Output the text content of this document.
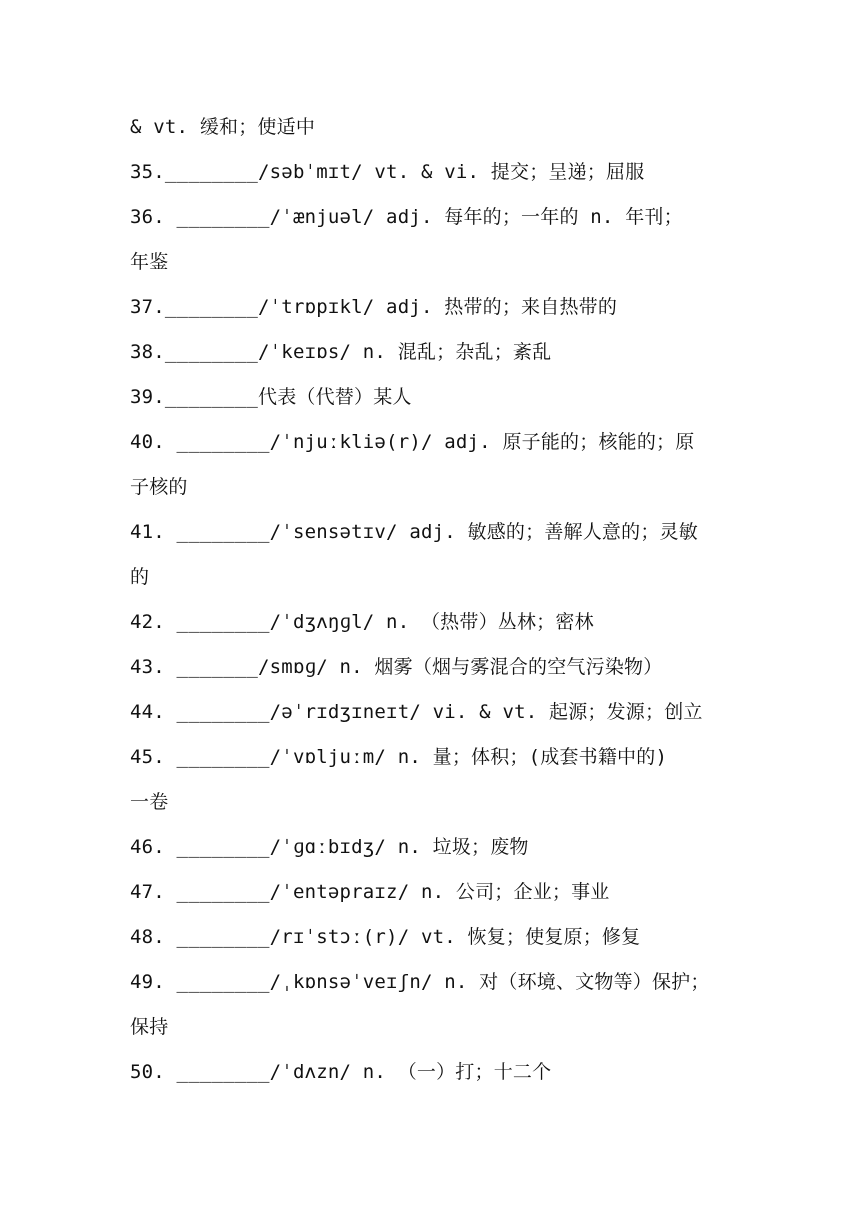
& vt. 缓和；使适中
35.________/səbˈmɪt/ vt. & vi. 提交；呈递；屈服
36. ________/ˈænjuəl/ adj. 每年的；一年的 n. 年刊；
年鉴
37.________/ˈtrɒpɪkl/ adj. 热带的；来自热带的
38.________/ˈkeɪɒs/ n. 混乱；杂乱；紊乱
39.________代表（代替）某人
40. ________/ˈnjuːkliə(r)/ adj. 原子能的；核能的；原
子核的
41. ________/ˈsensətɪv/ adj. 敏感的；善解人意的；灵敏
的
42. ________/ˈdʒʌŋɡl/ n. （热带）丛林；密林
43. _______/smɒɡ/ n. 烟雾（烟与雾混合的空气污染物）
44. ________/əˈrɪdʒɪneɪt/ vi. & vt. 起源；发源；创立
45. ________/ˈvɒljuːm/ n. 量；体积；(成套书籍中的)
一卷
46. ________/ˈɡɑːbɪdʒ/ n. 垃圾；废物
47. ________/ˈentəpraɪz/ n. 公司；企业；事业
48. ________/rɪˈstɔː(r)/ vt. 恢复；使复原；修复
49. ________/ˌkɒnsəˈveɪʃn/ n. 对（环境、文物等）保护；
保持
50. ________/ˈdʌzn/ n. （一）打；十二个
